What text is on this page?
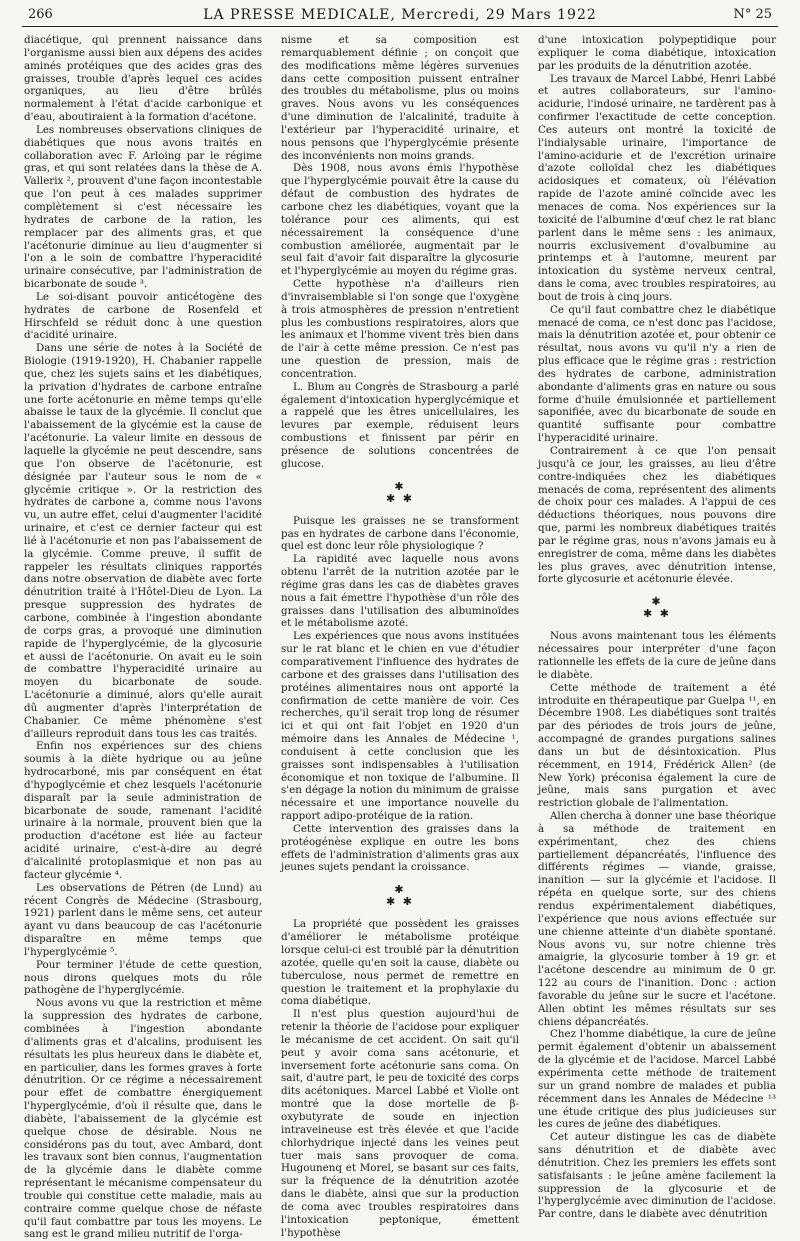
266	LA PRESSE MEDICALE, Mercredi, 29 Mars 1922	N° 25

diacétique, qui prennent naissance dans l'organisme aussi bien aux dépens des acides aminés protéiques que des acides gras des graisses, trouble d'après lequel ces acides organiques, au lieu d'être brûlés normalement à l'état d'acide carbonique et d'eau, aboutiraient à la formation d'acétone.

Les nombreuses observations cliniques de diabétiques que nous avons traités en collaboration avec F. Arloing par le régime gras, et qui sont relatées dans la thèse de A. Vallerix ², prouvent d'une façon incontestable que l'on peut à ces malades supprimer complètement si c'est nécessaire les hydrates de carbone de la ration, les remplacer par des aliments gras, et que l'acétonurie diminue au lieu d'augmenter si l'on a le soin de combattre l'hyperacidité urinaire consécutive, par l'administration de bicarbonate de soude ³.

Le soi-disant pouvoir anticétogène des hydrates de carbone de Rosenfeld et Hirschfeld se réduit donc à une question d'acidité urinaire.

Dans une série de notes à la Société de Biologie (1919-1920), H. Chabanier rappelle que, chez les sujets sains et les diabétiques, la privation d'hydrates de carbone entraîne une forte acétonurie en même temps qu'elle abaisse le taux de la glycémie. Il conclut que l'abaissement de la glycémie est la cause de l'acétonurie. La valeur limite en dessous de laquelle la glycémie ne peut descendre, sans que l'on observe de l'acétonurie, est désignée par l'auteur sous le nom de « glycémie critique ». Or la restriction des hydrates de carbone a, comme nous l'avons vu, un autre effet, celui d'augmenter l'acidité urinaire, et c'est ce dernier facteur qui est lié à l'acétonurie et non pas l'abaissement de la glycémie. Comme preuve, il suffit de rappeler les résultats cliniques rapportés dans notre observation de diabète avec forte dénutrition traité à l'Hôtel-Dieu de Lyon. La presque suppression des hydrates de carbone, combinée à l'ingestion abondante de corps gras, a provoqué une diminution rapide de l'hyperglycémie, de la glycosurie et aussi de l'acétonurie. On avait eu le soin de combattre l'hyperacidité urinaire au moyen du bicarbonate de soude. L'acétonurie a diminué, alors qu'elle aurait dû augmenter d'après l'interprétation de Chabanier. Ce même phénomène s'est d'ailleurs reproduit dans tous les cas traités.

Enfin nos expériences sur des chiens soumis à la diète hydrique ou au jeûne hydrocarboné, mis par conséquent en état d'hypoglycémie et chez lesquels l'acétonurie disparaît par la seule administration de bicarbonate de soude, ramenant l'acidité urinaire à la normale, prouvent bien que la production d'acétone est liée au facteur acidité urinaire, c'est-à-dire au degré d'alcalinité protoplasmique et non pas au facteur glycémie ⁴.

Les observations de Pétren (de Lund) au récent Congrès de Médecine (Strasbourg, 1921) parlent dans le même sens, cet auteur ayant vu dans beaucoup de cas l'acétonurie disparaître en même temps que l'hyperglycémie ⁵.

Pour terminer l'étude de cette question, nous dirons quelques mots du rôle pathogène de l'hyperglycémie.

Nous avons vu que la restriction et même la suppression des hydrates de carbone, combinées à l'ingestion abondante d'aliments gras et d'alcalins, produisent les résultats les plus heureux dans le diabète et, en particulier, dans les formes graves à forte dénutrition. Or ce régime a nécessairement pour effet de combattre énergiquement l'hyperglycémie, d'où il résulte que, dans le diabète, l'abaissement de la glycémie est quelque chose de désirable. Nous ne considérons pas du tout, avec Ambard, dont les travaux sont bien connus, l'augmentation de la glycémie dans le diabète comme représentant le mécanisme compensateur du trouble qui constitue cette maladie, mais au contraire comme quelque chose de néfaste qu'il faut combattre par tous les moyens. Le sang est le grand milieu nutritif de l'orga-

nisme et sa composition est remarquablement définie ; on conçoit que des modifications même légères survenues dans cette composition puissent entraîner des troubles du métabolisme, plus ou moins graves. Nous avons vu les conséquences d'une diminution de l'alcalinité, traduite à l'extérieur par l'hyperacidité urinaire, et nous pensons que l'hyperglycémie présente des inconvénients non moins grands.

Dès 1908, nous avons émis l'hypothèse que l'hyperglycémie pouvait être la cause du défaut de combustion des hydrates de carbone chez les diabétiques, voyant que la tolérance pour ces aliments, qui est nécessairement la conséquence d'une combustion améliorée, augmentait par le seul fait d'avoir fait disparaître la glycosurie et l'hyperglycémie au moyen du régime gras.

Cette hypothèse n'a d'ailleurs rien d'invraisemblable si l'on songe que l'oxygène à trois atmosphères de pression n'entretient plus les combustions respiratoires, alors que les animaux et l'homme vivent très bien dans de l'air à cette même pression. Ce n'est pas une question de pression, mais de concentration.

L. Blum au Congrès de Strasbourg a parlé également d'intoxication hyperglycémique et a rappelé que les êtres unicellulaires, les levures par exemple, réduisent leurs combustions et finissent par périr en présence de solutions concentrées de glucose.

✱
✱ ✱

Puisque les graisses ne se transforment pas en hydrates de carbone dans l'économie, quel est donc leur rôle physiologique ?

La rapidité avec laquelle nous avons obtenu l'arrêt de la nutrition azotée par le régime gras dans les cas de diabètes graves nous a fait émettre l'hypothèse d'un rôle des graisses dans l'utilisation des albuminoïdes et le métabolisme azoté.

Les expériences que nous avons instituées sur le rat blanc et le chien en vue d'étudier comparativement l'influence des hydrates de carbone et des graisses dans l'utilisation des protéines alimentaires nous ont apporté la confirmation de cette manière de voir. Ces recherches, qu'il serait trop long de résumer ici et qui ont fait l'objet en 1920 d'un mémoire dans les Annales de Médecine ¹, conduisent à cette conclusion que les graisses sont indispensables à l'utilisation économique et non toxique de l'albumine. Il s'en dégage la notion du minimum de graisse nécessaire et une importance nouvelle du rapport adipo-protéique de la ration.

Cette intervention des graisses dans la protéogénèse explique en outre les bons effets de l'administration d'aliments gras aux jeunes sujets pendant la croissance.

✱
✱ ✱

La propriété que possèdent les graisses d'améliorer le métabolisme protéique lorsque celui-ci est troublé par la dénutrition azotée, quelle qu'en soit la cause, diabète ou tuberculose, nous permet de remettre en question le traitement et la prophylaxie du coma diabétique.

Il n'est plus question aujourd'hui de retenir la théorie de l'acidose pour expliquer le mécanisme de cet accident. On sait qu'il peut y avoir coma sans acétonurie, et inversement forte acétonurie sans coma. On sait, d'autre part, le peu de toxicité des corps dits acétoniques. Marcel Labbé et Violle ont montré que la dose mortelle de β-oxybutyrate de soude en injection intraveineuse est très élevée et que l'acide chlorhydrique injecté dans les veines peut tuer mais sans provoquer de coma. Hugounenq et Morel, se basant sur ces faits, sur la fréquence de la dénutrition azotée dans le diabète, ainsi que sur la production de coma avec troubles respiratoires dans l'intoxication peptonique, émettent l'hypothèse

d'une intoxication polypeptidique pour expliquer le coma diabétique, intoxication par les produits de la dénutrition azotée.

Les travaux de Marcel Labbé, Henri Labbé et autres collaborateurs, sur l'amino-acidurie, l'indosé urinaire, ne tardèrent pas à confirmer l'exactitude de cette conception. Ces auteurs ont montré la toxicité de l'indialysable urinaire, l'importance de l'amino-acidurie et de l'excrétion urinaire d'azote colloïdal chez les diabétiques acidosiques et comateux, où l'élévation rapide de l'azote aminé coïncide avec les menaces de coma. Nos expériences sur la toxicité de l'albumine d'œuf chez le rat blanc parlent dans le même sens : les animaux, nourris exclusivement d'ovalbumine au printemps et à l'automne, meurent par intoxication du système nerveux central, dans le coma, avec troubles respiratoires, au bout de trois à cinq jours.

Ce qu'il faut combattre chez le diabétique menacé de coma, ce n'est donc pas l'acidose, mais la dénutrition azotée et, pour obtenir ce résultat, nous avons vu qu'il n'y a rien de plus efficace que le régime gras : restriction des hydrates de carbone, administration abondante d'aliments gras en nature ou sous forme d'huile émulsionnée et partiellement saponifiée, avec du bicarbonate de soude en quantité suffisante pour combattre l'hyperacidité urinaire.

Contrairement à ce que l'on pensait jusqu'à ce jour, les graisses, au lieu d'être contre-indiquées chez les diabétiques menacés de coma, représentent des aliments de choix pour ces malades. A l'appui de ces déductions théoriques, nous pouvons dire que, parmi les nombreux diabétiques traités par le régime gras, nous n'avons jamais eu à enregistrer de coma, même dans les diabètes les plus graves, avec dénutrition intense, forte glycosurie et acétonurie élevée.

✱
✱ ✱

Nous avons maintenant tous les éléments nécessaires pour interpréter d'une façon rationnelle les effets de la cure de jeûne dans le diabète.

Cette méthode de traitement a été introduite en thérapeutique par Guelpa ¹¹, en Décembre 1908. Les diabétiques sont traités par des périodes de trois jours de jeûne, accompagné de grandes purgations salines dans un but de désintoxication. Plus récemment, en 1914, Frédérick Allen² (de New York) préconisa également la cure de jeûne, mais sans purgation et avec restriction globale de l'alimentation.

Allen chercha à donner une base théorique à sa méthode de traitement en expérimentant, chez des chiens partiellement dépancréatés, l'influence des différents régimes — viande, graisse, inanition — sur la glycémie et l'acidose. Il répéta en quelque sorte, sur des chiens rendus expérimentalement diabétiques, l'expérience que nous avions effectuée sur une chienne atteinte d'un diabète spontané. Nous avons vu, sur notre chienne très amaigrie, la glycosurie tomber à 19 gr. et l'acétone descendre au minimum de 0 gr. 122 au cours de l'inanition. Donc : action favorable du jeûne sur le sucre et l'acétone. Allen obtint les mêmes résultats sur ses chiens dépancréatés.

Chez l'homme diabétique, la cure de jeûne permit également d'obtenir un abaissement de la glycémie et de l'acidose. Marcel Labbé expérimenta cette méthode de traitement sur un grand nombre de malades et publia récemment dans les Annales de Médecine ¹³ une étude critique des plus judicieuses sur les cures de jeûne des diabétiques.

Cet auteur distingue les cas de diabète sans dénutrition et de diabète avec dénutrition. Chez les premiers les effets sont satisfaisants : le jeûne amène facilement la suppression de la glycosurie et de l'hyperglycémie avec diminution de l'acidose. Par contre, dans le diabète avec dénutrition
